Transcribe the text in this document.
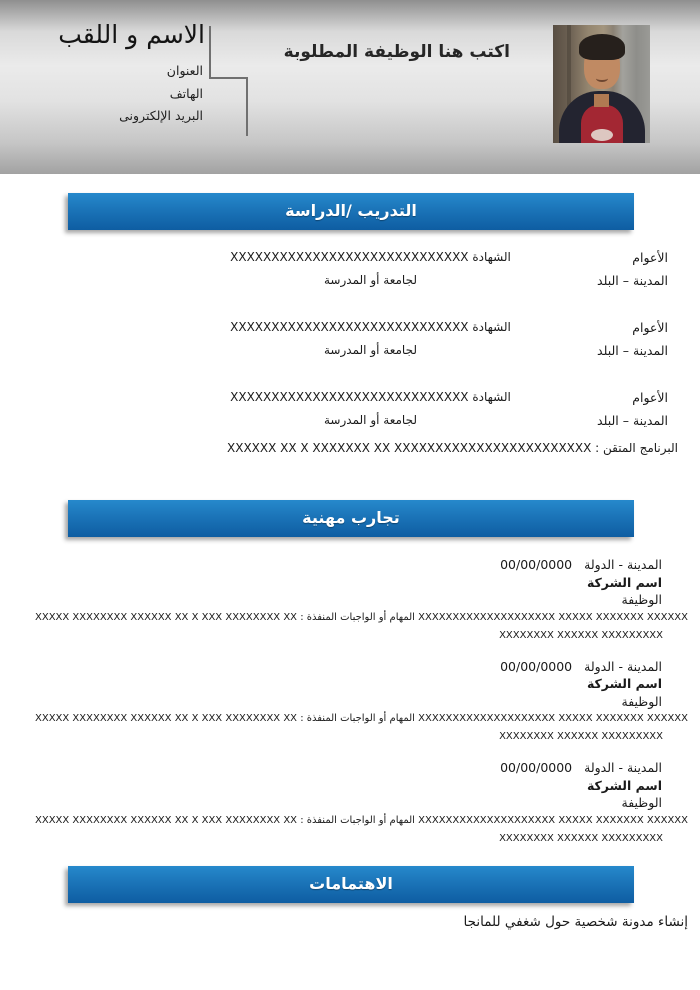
الاسم و اللقب
العنوان
الهاتف
البريد الإلكترونى
اكتب هنا الوظيفة المطلوبة
التدريب /الدراسة
تجارب مهنية
الاهتمامات
الأعوام
المدينة – البلد
الشهادة XXXXXXXXXXXXXXXXXXXXXXXXXXXXX
لجامعة أو المدرسة
الأعوام
المدينة – البلد
الشهادة XXXXXXXXXXXXXXXXXXXXXXXXXXXXX
لجامعة أو المدرسة
الأعوام
المدينة – البلد
الشهادة XXXXXXXXXXXXXXXXXXXXXXXXXXXXX
لجامعة أو المدرسة
البرنامج المتقن : XXXXXX XX X XXXXXXX XX XXXXXXXXXXXXXXXXXXXXXXXX
المدينة - الدولة
00/00/0000
اسم الشركة
الوظيفة
XXXXXXXXXXXXXXXXXXXX XXXXX XXXXXXX XXXXXX المهام أو الواجبات المنفذة : XXXXX XXXXXXXX XXXXXX XX X XXX XXXXXXXX XX
XXXXXXXX XXXXXX XXXXXXXXX
المدينة - الدولة
00/00/0000
اسم الشركة
الوظيفة
XXXXXXXXXXXXXXXXXXXX XXXXX XXXXXXX XXXXXX المهام أو الواجبات المنفذة : XXXXX XXXXXXXX XXXXXX XX X XXX XXXXXXXX XX
XXXXXXXX XXXXXX XXXXXXXXX
المدينة - الدولة
00/00/0000
اسم الشركة
الوظيفة
XXXXXXXXXXXXXXXXXXXX XXXXX XXXXXXX XXXXXX المهام أو الواجبات المنفذة : XXXXX XXXXXXXX XXXXXX XX X XXX XXXXXXXX XX
XXXXXXXX XXXXXX XXXXXXXXX
إنشاء مدونة شخصية حول شغفي للمانجا
